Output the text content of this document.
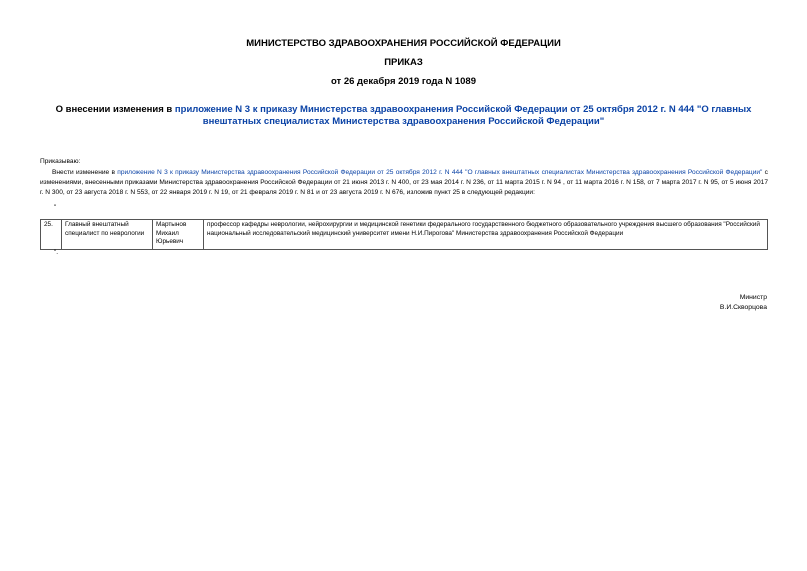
МИНИСТЕРСТВО ЗДРАВООХРАНЕНИЯ РОССИЙСКОЙ ФЕДЕРАЦИИ
ПРИКАЗ
от 26 декабря 2019 года N 1089
О внесении изменения в приложение N 3 к приказу Министерства здравоохранения Российской Федерации от 25 октября 2012 г. N 444 "О главных внештатных специалистах Министерства здравоохранения Российской Федерации"
Приказываю:
Внести изменение в приложение N 3 к приказу Министерства здравоохранения Российской Федерации от 25 октября 2012 г. N 444 "О главных внештатных специалистах Министерства здравоохранения Российской Федерации" с изменениями, внесенными приказами Министерства здравоохранения Российской Федерации от 21 июня 2013 г. N 400, от 23 мая 2014 г. N 236, от 11 марта 2015 г. N 94 , от 11 марта 2016 г. N 158, от 7 марта 2017 г. N 95, от 5 июня 2017 г. N 300, от 23 августа 2018 г. N 553, от 22 января 2019 г. N 19, от 21 февраля 2019 г. N 81 и от 23 августа 2019 г. N 676, изложив пункт 25 в следующей редакции:
"
25.	Главный внештатный специалист по неврологии	Мартынов Михаил Юрьевич	профессор кафедры неврологии, нейрохирургии и медицинской генетики федерального государственного бюджетного образовательного учреждения высшего образования "Российский национальный исследовательский медицинский университет имени Н.И.Пирогова" Министерства здравоохранения Российской Федерации
".
Министр
В.И.Скворцова
